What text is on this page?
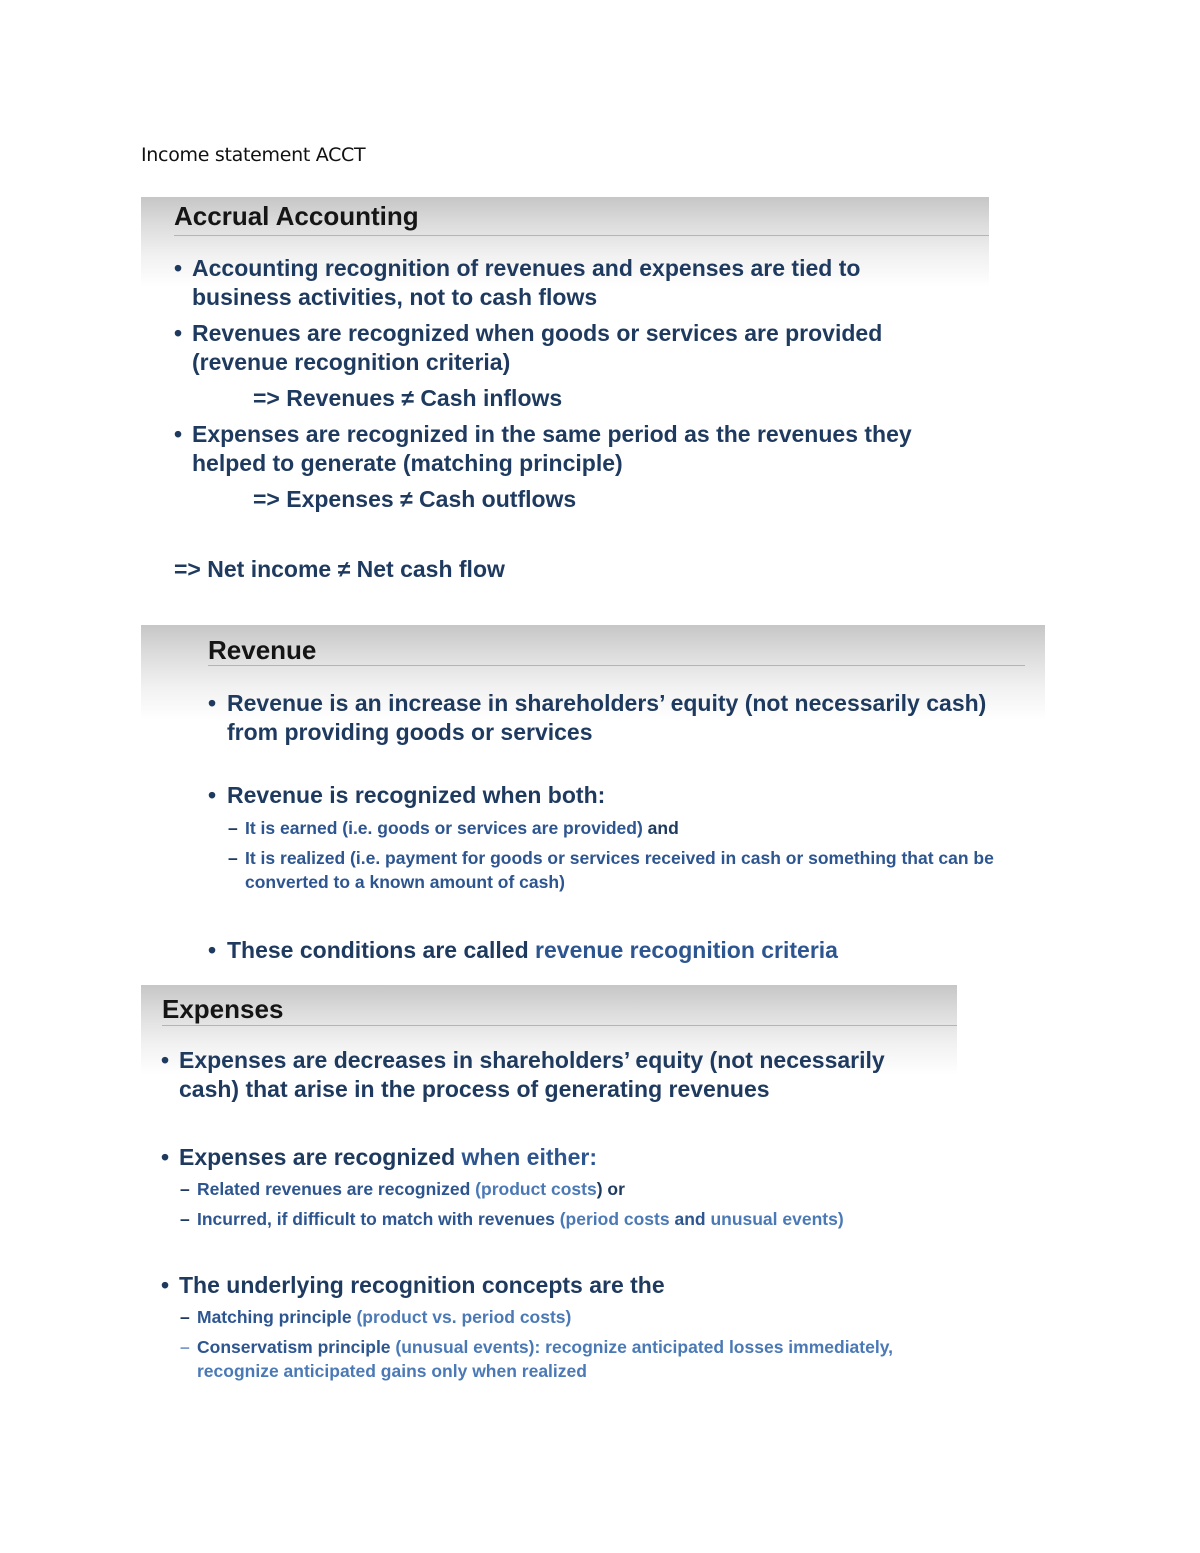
Income statement ACCT
Accrual Accounting
• Accounting recognition of revenues and expenses are tied to business activities, not to cash flows
• Revenues are recognized when goods or services are provided (revenue recognition criteria)
=> Revenues ≠ Cash inflows
• Expenses are recognized in the same period as the revenues they helped to generate (matching principle)
=> Expenses ≠ Cash outflows
=> Net income ≠ Net cash flow
Revenue
• Revenue is an increase in shareholders’ equity (not necessarily cash) from providing goods or services
• Revenue is recognized when both:
– It is earned (i.e. goods or services are provided) and
– It is realized (i.e. payment for goods or services received in cash or something that can be converted to a known amount of cash)
• These conditions are called revenue recognition criteria
Expenses
• Expenses are decreases in shareholders’ equity (not necessarily cash) that arise in the process of generating revenues
• Expenses are recognized when either:
– Related revenues are recognized (product costs) or
– Incurred, if difficult to match with revenues (period costs and unusual events)
• The underlying recognition concepts are the
– Matching principle (product vs. period costs)
– Conservatism principle (unusual events): recognize anticipated losses immediately, recognize anticipated gains only when realized
